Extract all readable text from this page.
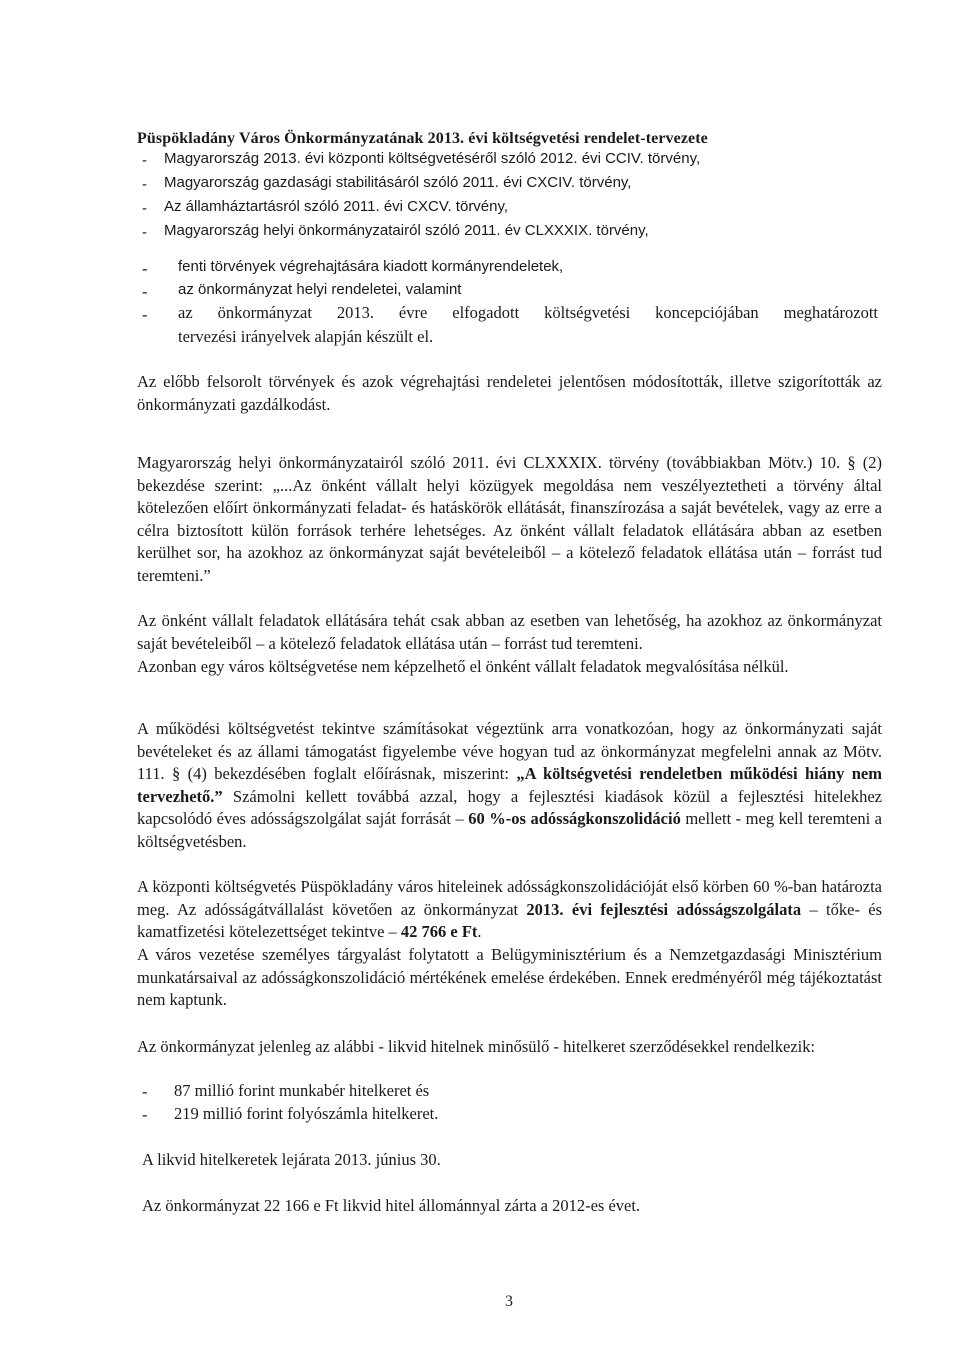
Püspökladány Város Önkormányzatának 2013. évi költségvetési rendelet-tervezete
- Magyarország 2013. évi központi költségvetéséről szóló 2012. évi CCIV. törvény,
- Magyarország gazdasági stabilitásáról szóló 2011. évi CXCIV. törvény,
- Az államháztartásról szóló 2011. évi CXCV. törvény,
- Magyarország helyi önkormányzatairól szóló 2011. év CLXXXIX. törvény,
- fenti törvények végrehajtására kiadott kormányrendeletek,
- az önkormányzat helyi rendeletei, valamint
- az önkormányzat 2013. évre elfogadott költségvetési koncepciójában meghatározott
tervezési irányelvek alapján készült el.

Az előbb felsorolt törvények és azok végrehajtási rendeletei jelentősen módosították, illetve szigorították az önkormányzati gazdálkodást.

Magyarország helyi önkormányzatairól szóló 2011. évi CLXXXIX. törvény (továbbiakban Mötv.) 10. § (2) bekezdése szerint: „...Az önként vállalt helyi közügyek megoldása nem veszélyeztetheti a törvény által kötelezően előírt önkormányzati feladat- és hatáskörök ellátását, finanszírozása a saját bevételek, vagy az erre a célra biztosított külön források terhére lehetséges. Az önként vállalt feladatok ellátására abban az esetben kerülhet sor, ha azokhoz az önkormányzat saját bevételeiből – a kötelező feladatok ellátása után – forrást tud teremteni.”

Az önként vállalt feladatok ellátására tehát csak abban az esetben van lehetőség, ha azokhoz az önkormányzat saját bevételeiből – a kötelező feladatok ellátása után – forrást tud teremteni.

Azonban egy város költségvetése nem képzelhető el önként vállalt feladatok megvalósítása nélkül.

A működési költségvetést tekintve számításokat végeztünk arra vonatkozóan, hogy az önkormányzati saját bevételeket és az állami támogatást figyelembe véve hogyan tud az önkormányzat megfelelni annak az Mötv. 111. § (4) bekezdésében foglalt előírásnak, miszerint: „A költségvetési rendeletben működési hiány nem tervezhető.” Számolni kellett továbbá azzal, hogy a fejlesztési kiadások közül a fejlesztési hitelekhez kapcsolódó éves adósságszolgálat saját forrását – 60 %-os adósságkonszolidáció mellett - meg kell teremteni a költségvetésben.

A központi költségvetés Püspökladány város hiteleinek adósságkonszolidációját első körben 60 %-ban határozta meg. Az adósságátvállalást követően az önkormányzat 2013. évi fejlesztési adósságszolgálata – tőke- és kamatfizetési kötelezettséget tekintve – 42 766 e Ft.

A város vezetése személyes tárgyalást folytatott a Belügyminisztérium és a Nemzetgazdasági Minisztérium munkatársaival az adósságkonszolidáció mértékének emelése érdekében. Ennek eredményéről még tájékoztatást nem kaptunk.

Az önkormányzat jelenleg az alábbi - likvid hitelnek minősülő - hitelkeret szerződésekkel rendelkezik:

- 87 millió forint munkabér hitelkeret és
- 219 millió forint folyószámla hitelkeret.
A likvid hitelkeretek lejárata 2013. június 30.
Az önkormányzat 22 166 e Ft likvid hitel állománnyal zárta a 2012-es évet.
3
